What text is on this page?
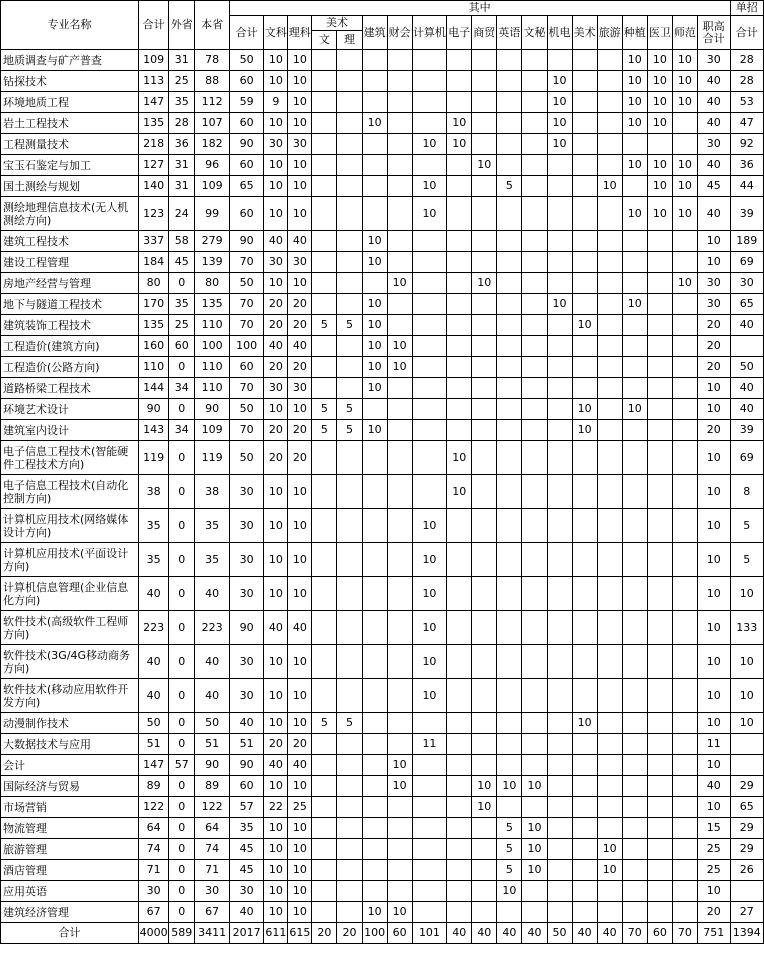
专业名称	合计	外省	本省	其中																			单招
				合计	文科	理科	美术		建筑	财会	计算机	电子	商贸	英语	文秘	机电	美术	旅游	种植	医卫	师范	职高合计	合计
							文	理															
地质调查与矿产普查	109	31	78	50	10	10													10	10	10	30	28
钻探技术	113	25	88	60	10	10										10			10	10	10	40	28
环境地质工程	147	35	112	59	9	10										10			10	10	10	40	53
岩土工程技术	135	28	107	60	10	10			10			10				10			10	10		40	47
工程测量技术	218	36	182	90	30	30					10	10				10						30	92
宝玉石鉴定与加工	127	31	96	60	10	10							10						10	10	10	40	36
国土测绘与规划	140	31	109	65	10	10					10			5				10		10	10	45	44
测绘地理信息技术(无人机测绘方向)	123	24	99	60	10	10					10								10	10	10	40	39
建筑工程技术	337	58	279	90	40	40			10													10	189
建设工程管理	184	45	139	70	30	30			10													10	69
房地产经营与管理	80	0	80	50	10	10				10			10								10	30	30
地下与隧道工程技术	170	35	135	70	20	20			10							10			10			30	65
建筑装饰工程技术	135	25	110	70	20	20	5	5	10								10					20	40
工程造价(建筑方向)	160	60	100	100	40	40			10	10												20	
工程造价(公路方向)	110	0	110	60	20	20			10	10												20	50
道路桥梁工程技术	144	34	110	70	30	30			10													10	40
环境艺术设计	90	0	90	50	10	10	5	5									10		10			10	40
建筑室内设计	143	34	109	70	20	20	5	5	10								10					20	39
电子信息工程技术(智能硬件工程技术方向)	119	0	119	50	20	20						10										10	69
电子信息工程技术(自动化控制方向)	38	0	38	30	10	10						10										10	8
计算机应用技术(网络媒体设计方向)	35	0	35	30	10	10					10											10	5
计算机应用技术(平面设计方向)	35	0	35	30	10	10					10											10	5
计算机信息管理(企业信息化方向)	40	0	40	30	10	10					10											10	10
软件技术(高级软件工程师方向)	223	0	223	90	40	40					10											10	133
软件技术(3G/4G移动商务方向)	40	0	40	30	10	10					10											10	10
软件技术(移动应用软件开发方向)	40	0	40	30	10	10					10											10	10
动漫制作技术	50	0	50	40	10	10	5	5									10					10	10
大数据技术与应用	51	0	51	51	20	20					11											11	
会计	147	57	90	90	40	40				10												10	
国际经济与贸易	89	0	89	60	10	10				10			10	10	10							40	29
市场营销	122	0	122	57	22	25							10									10	65
物流管理	64	0	64	35	10	10								5	10							15	29
旅游管理	74	0	74	45	10	10								5	10			10				25	29
酒店管理	71	0	71	45	10	10								5	10			10				25	26
应用英语	30	0	30	30	10	10								10								10	
建筑经济管理	67	0	67	40	10	10			10	10												20	27
合计	4000	589	3411	2017	611	615	20	20	100	60	101	40	40	40	40	50	40	40	70	60	70	751	1394
